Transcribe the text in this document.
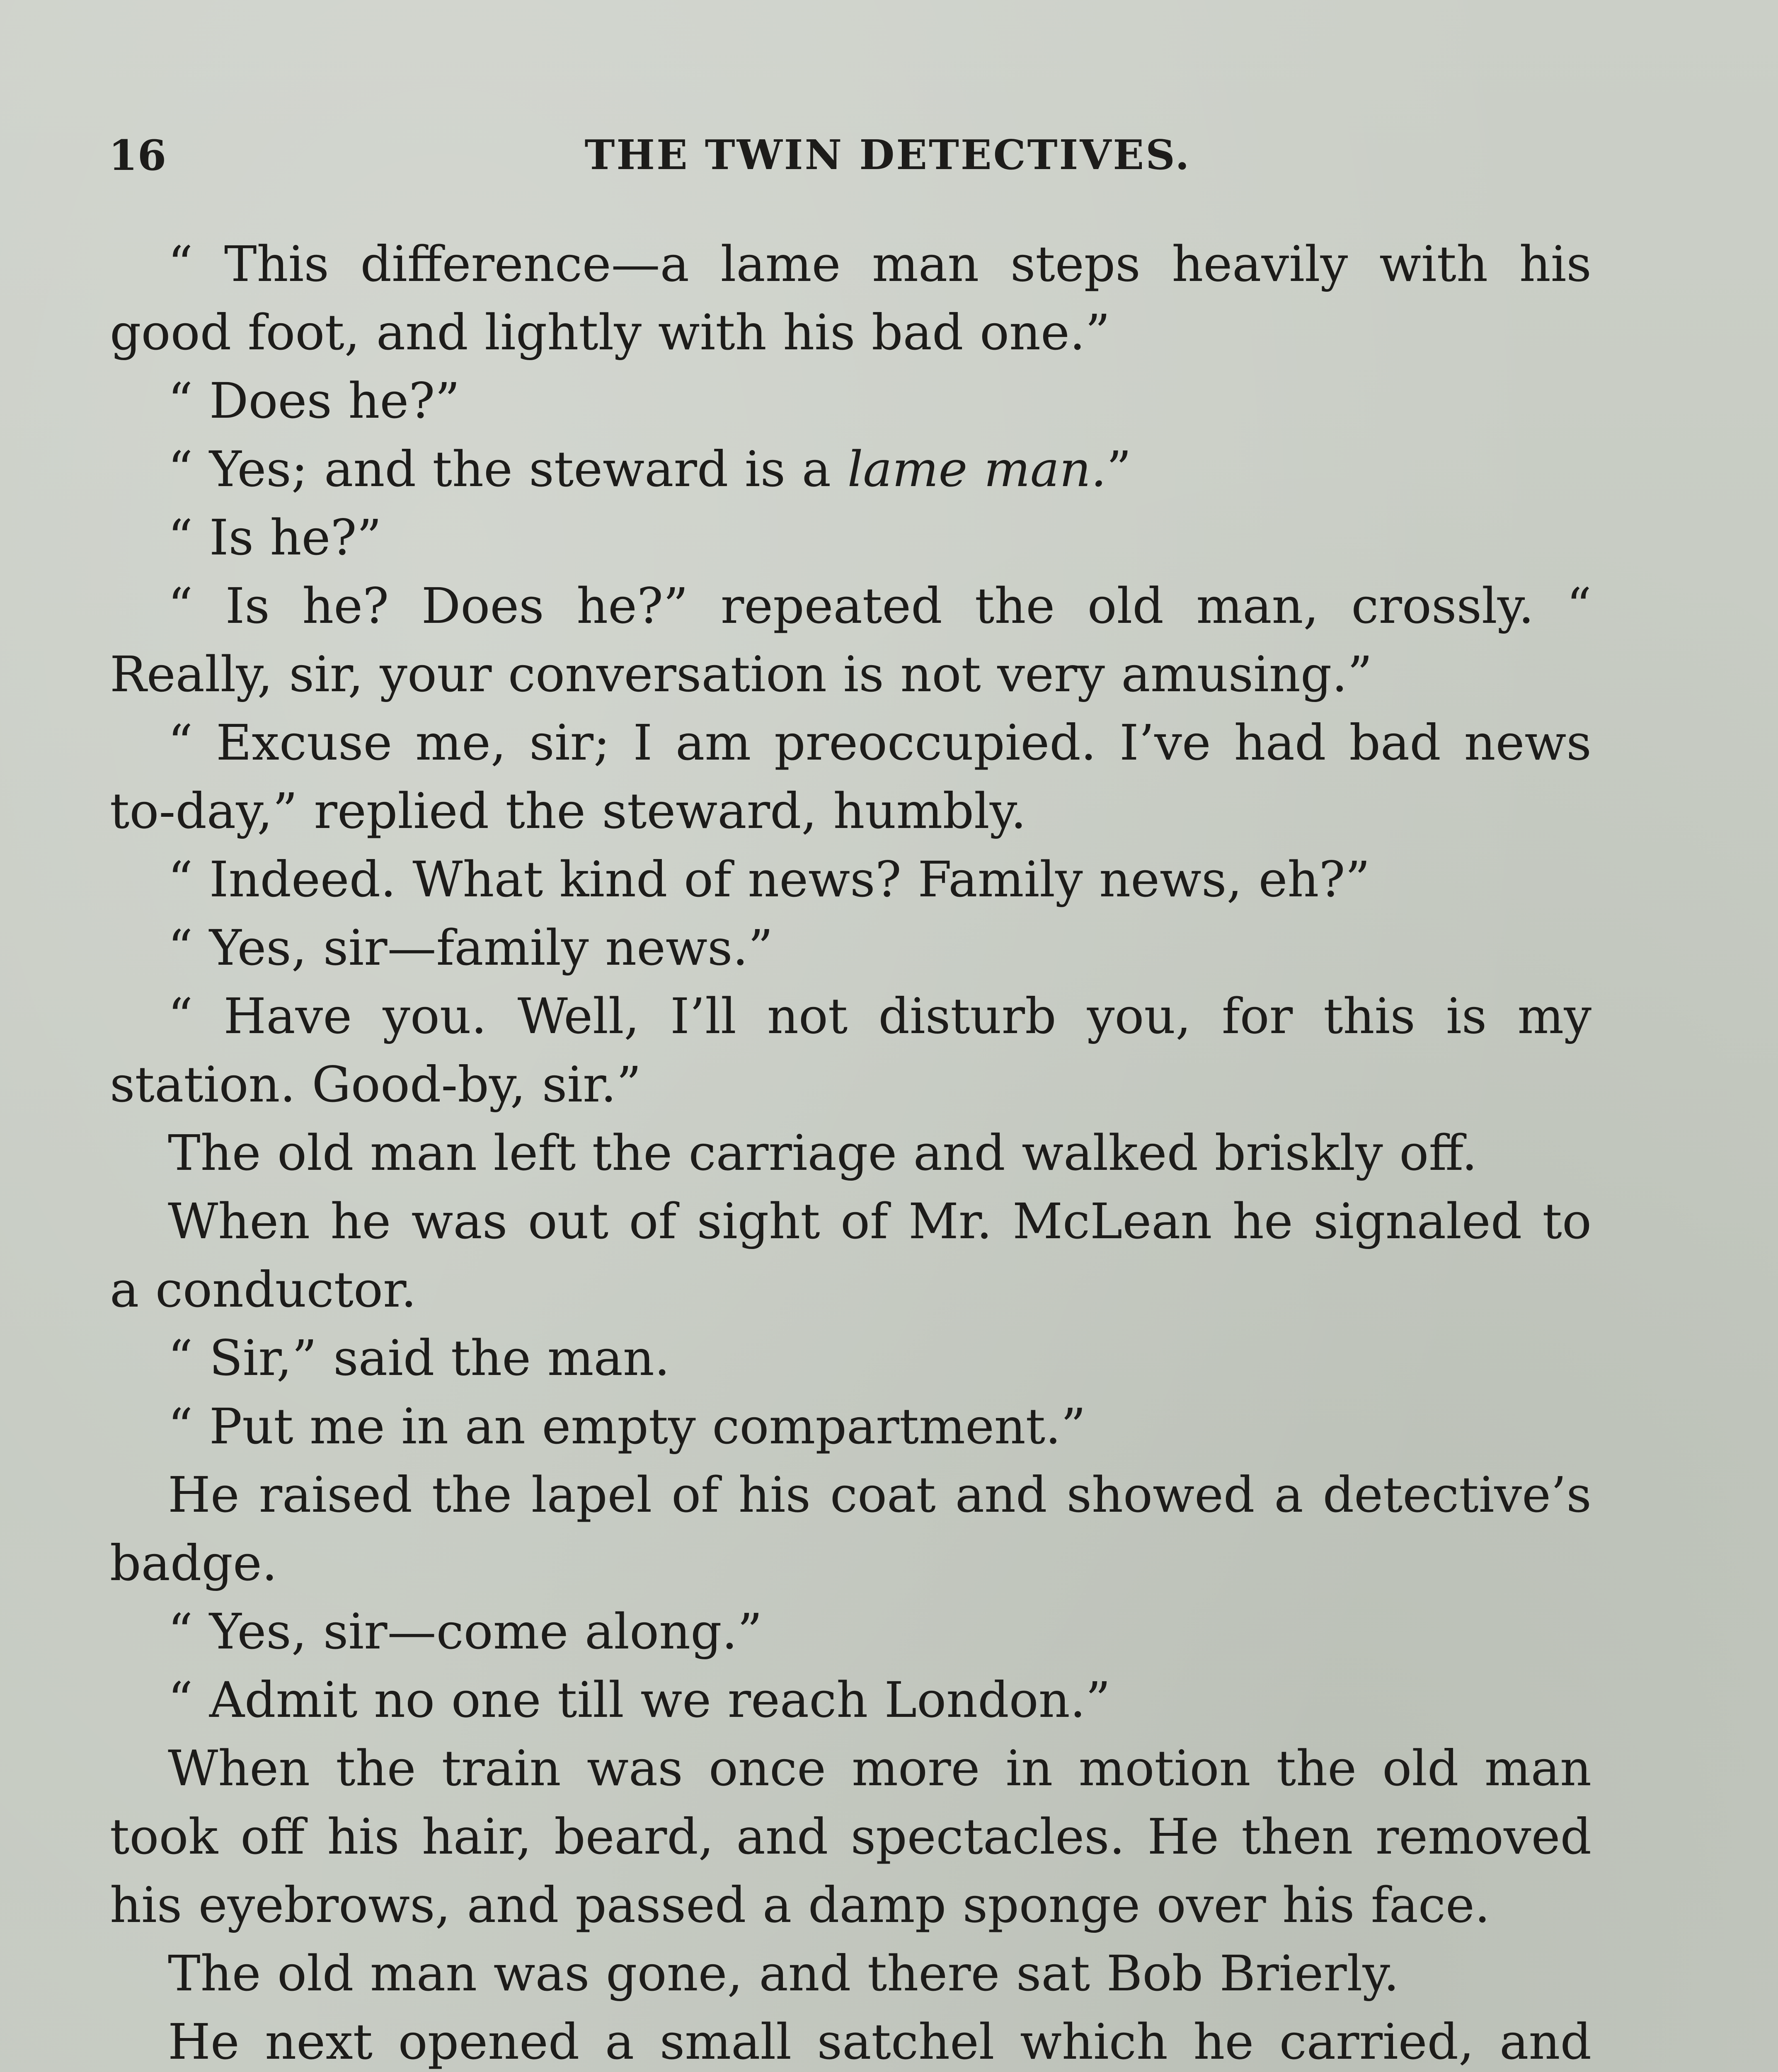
16	THE TWIN DETECTIVES.

“ This difference—a lame man steps heavily with his good foot, and lightly with his bad one.”

“ Does he?”

“ Yes; and the steward is a lame man.”

“ Is he?”

“ Is he? Does he?” repeated the old man, crossly. “ Really, sir, your conversation is not very amusing.”

“ Excuse me, sir; I am preoccupied. I’ve had bad news to-day,” replied the steward, humbly.

“ Indeed. What kind of news? Family news, eh?”

“ Yes, sir—family news.”

“ Have you. Well, I’ll not disturb you, for this is my station. Good-by, sir.”

The old man left the carriage and walked briskly off.

When he was out of sight of Mr. McLean he signaled to a conductor.

“ Sir,” said the man.

“ Put me in an empty compartment.”

He raised the lapel of his coat and showed a detective’s badge.

“ Yes, sir—come along.”

“ Admit no one till we reach London.”

When the train was once more in motion the old man took off his hair, beard, and spectacles. He then removed his eyebrows, and passed a damp sponge over his face.

The old man was gone, and there sat Bob Brierly.

He next opened a small satchel which he carried, and
